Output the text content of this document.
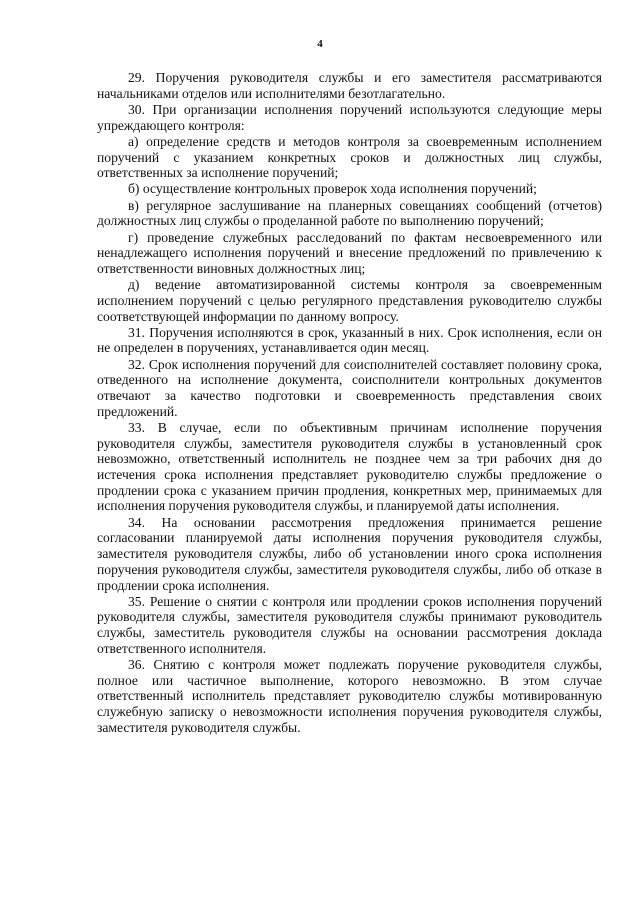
4

29. Поручения руководителя службы и его заместителя рассматриваются начальниками отделов или исполнителями безотлагательно.

30. При организации исполнения поручений используются следующие меры упреждающего контроля:

а) определение средств и методов контроля за своевременным исполнением поручений с указанием конкретных сроков и должностных лиц службы, ответственных за исполнение поручений;

б) осуществление контрольных проверок хода исполнения поручений;

в) регулярное заслушивание на планерных совещаниях сообщений (отчетов) должностных лиц службы о проделанной работе по выполнению поручений;

г) проведение служебных расследований по фактам несвоевременного или ненадлежащего исполнения поручений и внесение предложений по привлечению к ответственности виновных должностных лиц;

д) ведение автоматизированной системы контроля за своевременным исполнением поручений с целью регулярного представления руководителю службы соответствующей информации по данному вопросу.

31. Поручения исполняются в срок, указанный в них. Срок исполнения, если он не определен в поручениях, устанавливается один месяц.

32. Срок исполнения поручений для соисполнителей составляет половину срока, отведенного на исполнение документа, соисполнители контрольных документов отвечают за качество подготовки и своевременность представления своих предложений.

33. В случае, если по объективным причинам исполнение поручения руководителя службы, заместителя руководителя службы в установленный срок невозможно, ответственный исполнитель не позднее чем за три рабочих дня до истечения срока исполнения представляет руководителю службы предложение о продлении срока с указанием причин продления, конкретных мер, принимаемых для исполнения поручения руководителя службы, и планируемой даты исполнения.

34. На основании рассмотрения предложения принимается решение согласовании планируемой даты исполнения поручения руководителя службы, заместителя руководителя службы, либо об установлении иного срока исполнения поручения руководителя службы, заместителя руководителя службы, либо об отказе в продлении срока исполнения.

35. Решение о снятии с контроля или продлении сроков исполнения поручений руководителя службы, заместителя руководителя службы принимают руководитель службы, заместитель руководителя службы на основании рассмотрения доклада ответственного исполнителя.

36. Снятию с контроля может подлежать поручение руководителя службы, полное или частичное выполнение, которого невозможно. В этом случае ответственный исполнитель представляет руководителю службы мотивированную служебную записку о невозможности исполнения поручения руководителя службы, заместителя руководителя службы.
